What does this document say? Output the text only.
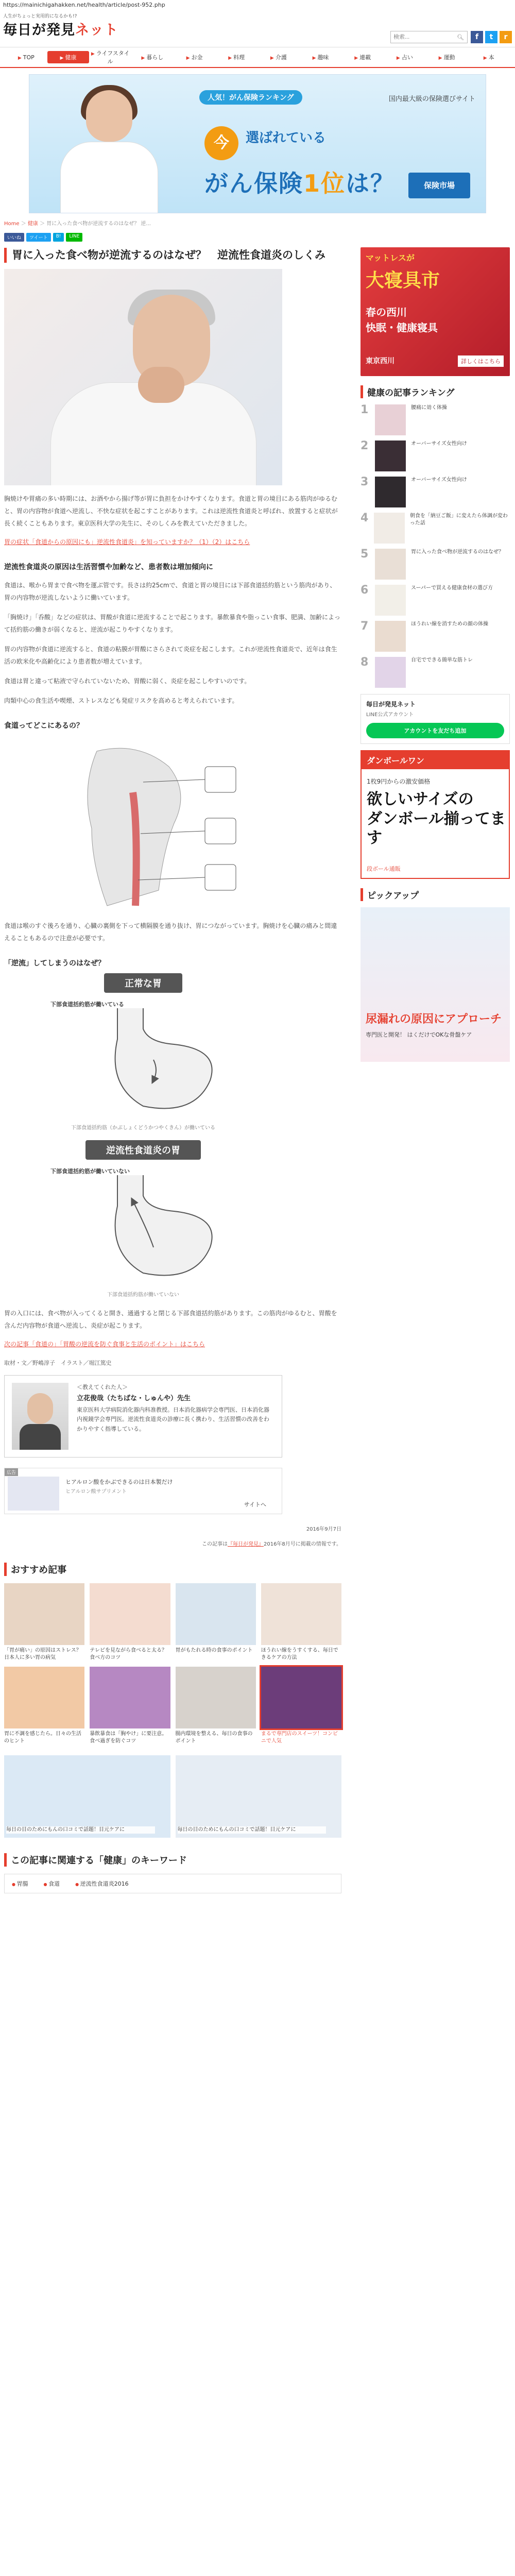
https://mainichigahakken.net/health/article/post-952.php
人生がちょっと実用的になるかも!?
毎日が発見ネット
検索...	🔍︎	f	t	r
▶ TOP	▶ 健康	▶ ライフスタイル	▶ 暮らし	▶ お金	▶ 料理	▶ 介護	▶ 趣味	▶ 連載	▶ 占い	▶ 運動	▶ 本
人気！がん保険ランキング	国内最大級の保険選びサイト
今	選ばれている
がん保険1位は？	保険市場
Home ＞ 健康 ＞ 胃に入った食べ物が逆流するのはなぜ？ 逆...
いいね	ツイート	B!	LINE
胃に入った食べ物が逆流するのはなぜ？　逆流性食道炎のしくみ

胸焼けや胃痛の多い時期には、お酒やから揚げ等が胃に負担をかけやすくなります。食道と胃の境目にある筋肉がゆるむと、胃の内容物が食道へ逆流し、不快な症状を起こすことがあります。これは逆流性食道炎と呼ばれ、放置すると症状が長く続くこともあります。東京医科大学の先生に、そのしくみを教えていただきました。

胃の症状「食道からの原因にも」逆流性食道炎」を知っていますか？（1）（2）はこちら
逆流性食道炎の原因は生活習慣や加齢など、患者数は増加傾向に

食道は、喉から胃まで食べ物を運ぶ管です。長さは約25cmで、食道と胃の境目には下部食道括約筋という筋肉があり、胃の内容物が逆流しないように働いています。

「胸焼け」「呑酸」などの症状は、胃酸が食道に逆流することで起こります。暴飲暴食や脂っこい食事、肥満、加齢によって括約筋の働きが弱くなると、逆流が起こりやすくなります。

胃の内容物が食道に逆流すると、食道の粘膜が胃酸にさらされて炎症を起こします。これが逆流性食道炎で、近年は食生活の欧米化や高齢化により患者数が増えています。

食道は胃と違って粘液で守られていないため、胃酸に弱く、炎症を起こしやすいのです。

肉類中心の食生活や喫煙、ストレスなども発症リスクを高めると考えられています。

食道ってどこにあるの？

食道は喉のすぐ後ろを通り、心臓の裏側を下って横隔膜を通り抜け、胃につながっています。胸焼けを心臓の痛みと間違えることもあるので注意が必要です。

「逆流」してしまうのはなぜ？
正常な胃
下部食道括約筋が働いている
下部食道括約筋（かぶしょくどうかつやくきん）が働いている
逆流性食道炎の胃
下部食道括約筋が働いていない
下部食道括約筋が働いていない

胃の入口には、食べ物が入ってくると開き、通過すると閉じる下部食道括約筋があります。この筋肉がゆるむと、胃酸を含んだ内容物が食道へ逆流し、炎症が起こります。

次の記事「食道の」「胃酸の逆流を防ぐ食事と生活のポイント」はこちら
取材・文／野嶋淳子　イラスト／堀江篤史
＜教えてくれた人＞
立花俊哉（たちばな・しゅんや）先生
東京医科大学病院消化器内科准教授。日本消化器病学会専門医、日本消化器内視鏡学会専門医。逆流性食道炎の診療に長く携わり、生活習慣の改善をわかりやすく指導している。
広告
ヒアルロン酸をかぶできるのは日本製だけ
ヒアルロン酸サプリメント
サイトへ
2016年9月7日
この記事は『毎日が発見』2016年8月号に掲載の情報です。
おすすめ記事
「胃が痛い」の原因はストレス？ 日本人に多い胃の病気
テレビを見ながら食べると太る？食べ方のコツ
胃がもたれる時の食事のポイント	ほうれい線をうすくする、毎日できるケアの方法
胃に不調を感じたら。日々の生活のヒント
暴飲暴食は「胸やけ」に要注意。食べ過ぎを防ぐコツ
腸内環境を整える、毎日の食事のポイント
まるで専門店のスイーツ！コンビニで人気
毎日の目のためにもんの口コミで話題！目元ケアに	毎日の目のためにもんの口コミで話題！目元ケアに
この記事に関連する「健康」のキーワード
● 胃腸	● 食道	● 逆流性食道炎2016
マットレスが
大寝具市
春の西川
快眠・健康寝具
東京西川	詳しくはこちら
健康の記事ランキング
1	腰痛に効く体操
2	オーバーサイズ女性向け
3	オーバーサイズ女性向け
4	朝食を「納豆ご飯」に変えたら体調が変わった話
5	胃に入った食べ物が逆流するのはなぜ？
6	スーパーで買える健康食材の選び方
7	ほうれい線を消すための顔の体操
8	自宅でできる簡単な筋トレ
毎日が発見ネット
LINE公式アカウント
アカウントを友だち追加
ダンボールワン
1枚9円からの激安価格
欲しいサイズの
ダンボール揃ってます
段ボール通販
ピックアップ
尿漏れの原因にアプローチ
専門医と開発！ はくだけでOKな骨盤ケア
